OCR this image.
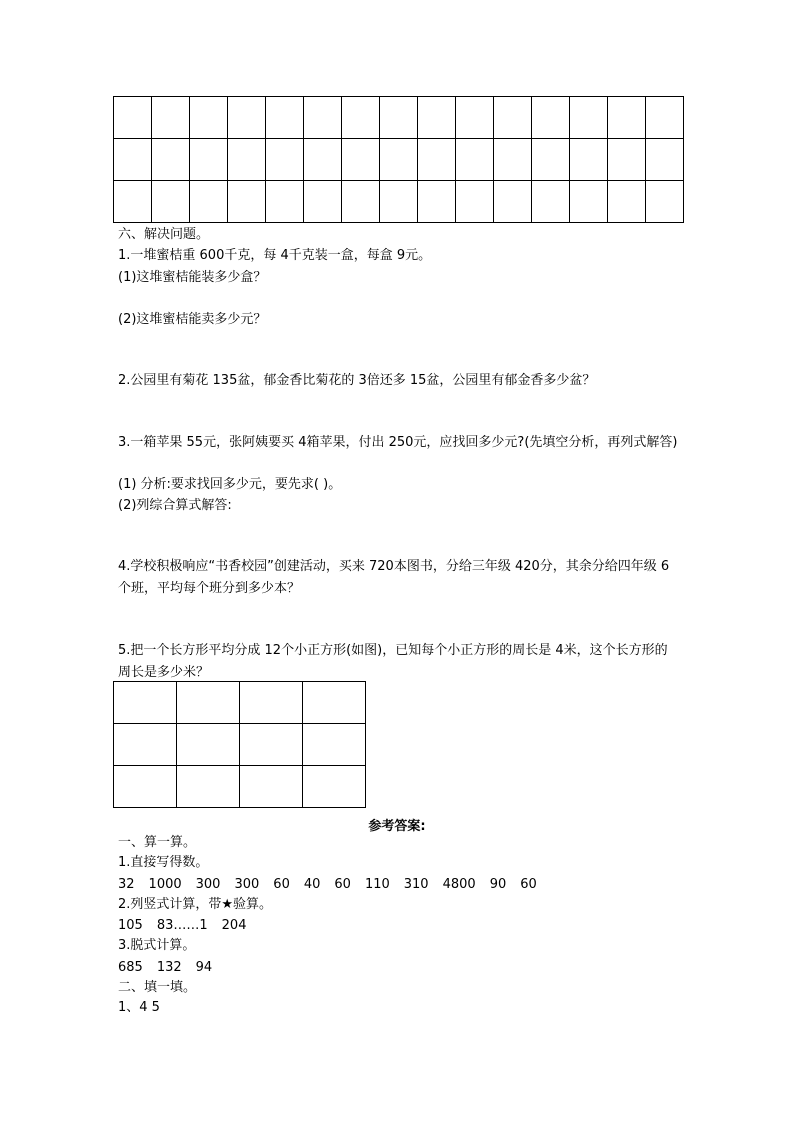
六、解决问题。
1.一堆蜜桔重 600千克，每 4千克装一盒，每盒 9元。
(1)这堆蜜桔能装多少盒？
(2)这堆蜜桔能卖多少元？
2.公园里有菊花 135盆，郁金香比菊花的 3倍还多 15盆，公园里有郁金香多少盆？
3.一箱苹果 55元，张阿姨要买 4箱苹果，付出 250元，应找回多少元?(先填空分析，再列式解答)
(1) 分析:要求找回多少元，要先求( )。
(2)列综合算式解答:
4.学校积极响应“书香校园”创建活动，买来 720本图书，分给三年级 420分，其余分给四年级 6个班，平均每个班分到多少本？
5.把一个长方形平均分成 12个小正方形(如图)，已知每个小正方形的周长是 4米，这个长方形的周长是多少米？

参考答案:
一、算一算。
1.直接写得数。
32 1000 300 300 60 40 60 110 310 4800 90 60
2.列竖式计算，带★验算。
105 83……1 204
3.脱式计算。
685 132 94
二、填一填。
1、4 5
